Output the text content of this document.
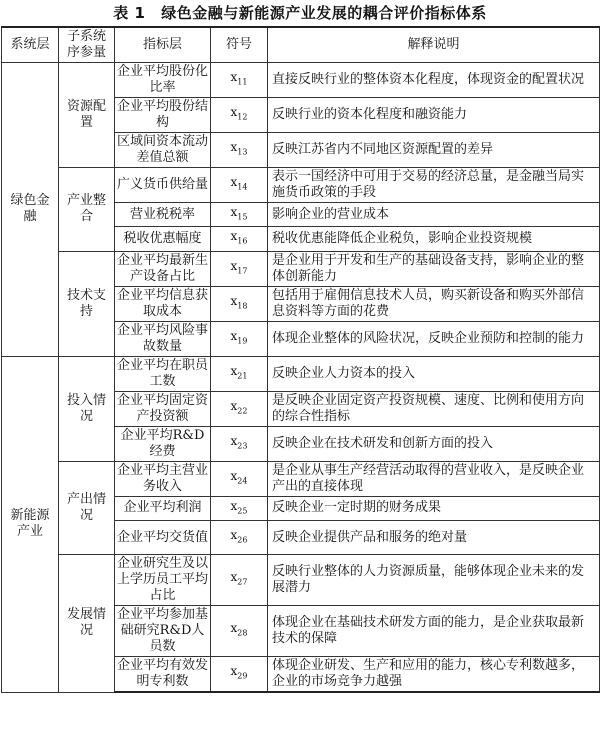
表 1 绿色金融与新能源产业发展的耦合评价指标体系
系统层	子系统序参量	指标层	符号	解释说明
绿色金融	资源配置	企业平均股份化比率	$x_{11}$	直接反映行业的整体资本化程度，体现资金的配置状况
		企业平均股份结构	$x_{12}$	反映行业的资本化程度和融资能力
		区域间资本流动差值总额	$x_{13}$	反映江苏省内不同地区资源配置的差异
	产业整合	广义货币供给量	$x_{14}$	表示一国经济中可用于交易的经济总量，是金融当局实施货币政策的手段
		营业税税率	$x_{15}$	影响企业的营业成本
		税收优惠幅度	$x_{16}$	税收优惠能降低企业税负，影响企业投资规模
	技术支持	企业平均最新生产设备占比	$x_{17}$	是企业用于开发和生产的基础设备支持，影响企业的整体创新能力
		企业平均信息获取成本	$x_{18}$	包括用于雇佣信息技术人员，购买新设备和购买外部信息资料等方面的花费
		企业平均风险事故数量	$x_{19}$	体现企业整体的风险状况，反映企业预防和控制的能力
新能源产业	投入情况	企业平均在职员工数	$x_{21}$	反映企业人力资本的投入
		企业平均固定资产投资额	$x_{22}$	是反映企业固定资产投资规模、速度、比例和使用方向的综合性指标
		企业平均R&D经费	$x_{23}$	反映企业在技术研发和创新方面的投入
	产出情况	企业平均主营业务收入	$x_{24}$	是企业从事生产经营活动取得的营业收入，是反映企业产出的直接体现
		企业平均利润	$x_{25}$	反映企业一定时期的财务成果
		企业平均交货值	$x_{26}$	反映企业提供产品和服务的绝对量
	发展情况	企业研究生及以上学历员工平均占比	$x_{27}$	反映行业整体的人力资源质量，能够体现企业未来的发展潜力
		企业平均参加基础研究R&D人员数	$x_{28}$	体现企业在基础技术研发方面的能力，是企业获取最新技术的保障
		企业平均有效发明专利数	$x_{29}$	体现企业研发、生产和应用的能力，核心专利数越多，企业的市场竞争力越强
